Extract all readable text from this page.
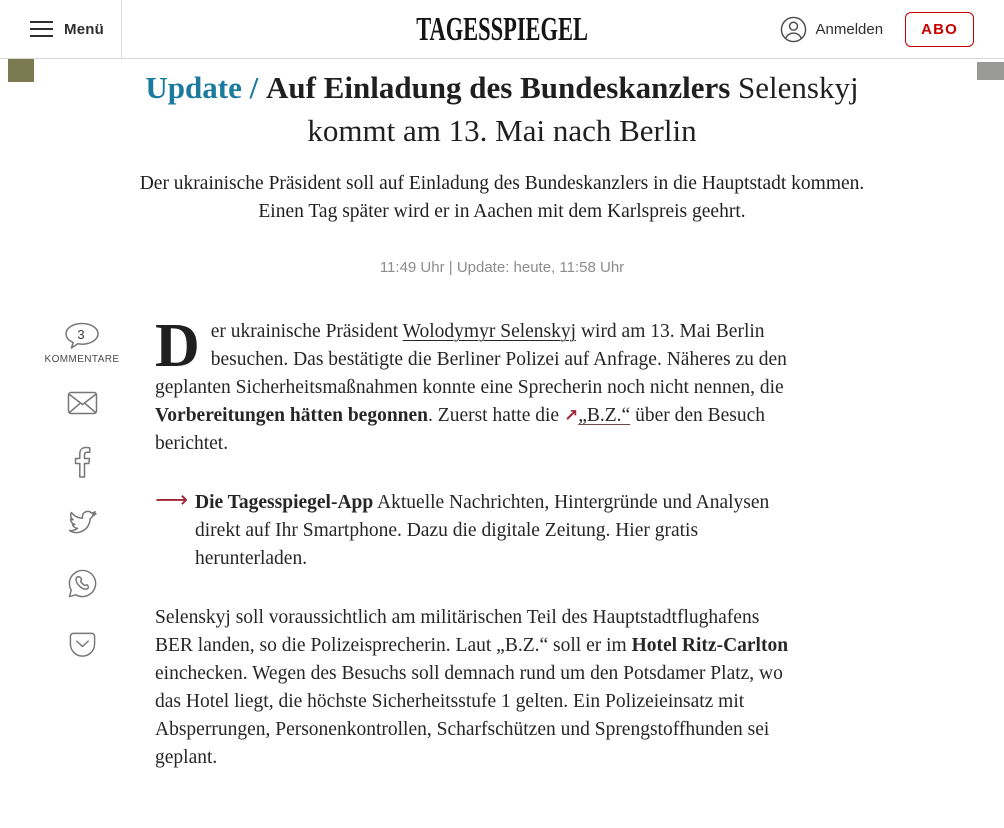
Menü	TAGESSPIEGEL	Anmelden	ABO
Update / Auf Einladung des Bundeskanzlers Selenskyj
kommt am 13. Mai nach Berlin

Der ukrainische Präsident soll auf Einladung des Bundeskanzlers in die Hauptstadt kommen.
Einen Tag später wird er in Aachen mit dem Karlspreis geehrt.

11:49 Uhr | Update: heute, 11:58 Uhr
3
KOMMENTARE Der ukrainische Präsident Wolodymyr Selenskyj wird am 13. Mai Berlin besuchen. Das bestätigte die Berliner Polizei auf Anfrage. Näheres zu den geplanten Sicherheitsmaßnahmen konnte eine Sprecherin noch nicht nennen, die Vorbereitungen hätten begonnen. Zuerst hatte die ↗„B.Z.“ über den Besuch berichtet.

⟶ Die Tagesspiegel-App Aktuelle Nachrichten, Hintergründe und Analysen direkt auf Ihr Smartphone. Dazu die digitale Zeitung. Hier gratis herunterladen.

Selenskyj soll voraussichtlich am militärischen Teil des Hauptstadtflughafens BER landen, so die Polizeisprecherin. Laut „B.Z.“ soll er im Hotel Ritz-Carlton einchecken. Wegen des Besuchs soll demnach rund um den Potsdamer Platz, wo das Hotel liegt, die höchste Sicherheitsstufe 1 gelten. Ein Polizeieinsatz mit Absperrungen, Personenkontrollen, Scharfschützen und Sprengstoffhunden sei geplant.
